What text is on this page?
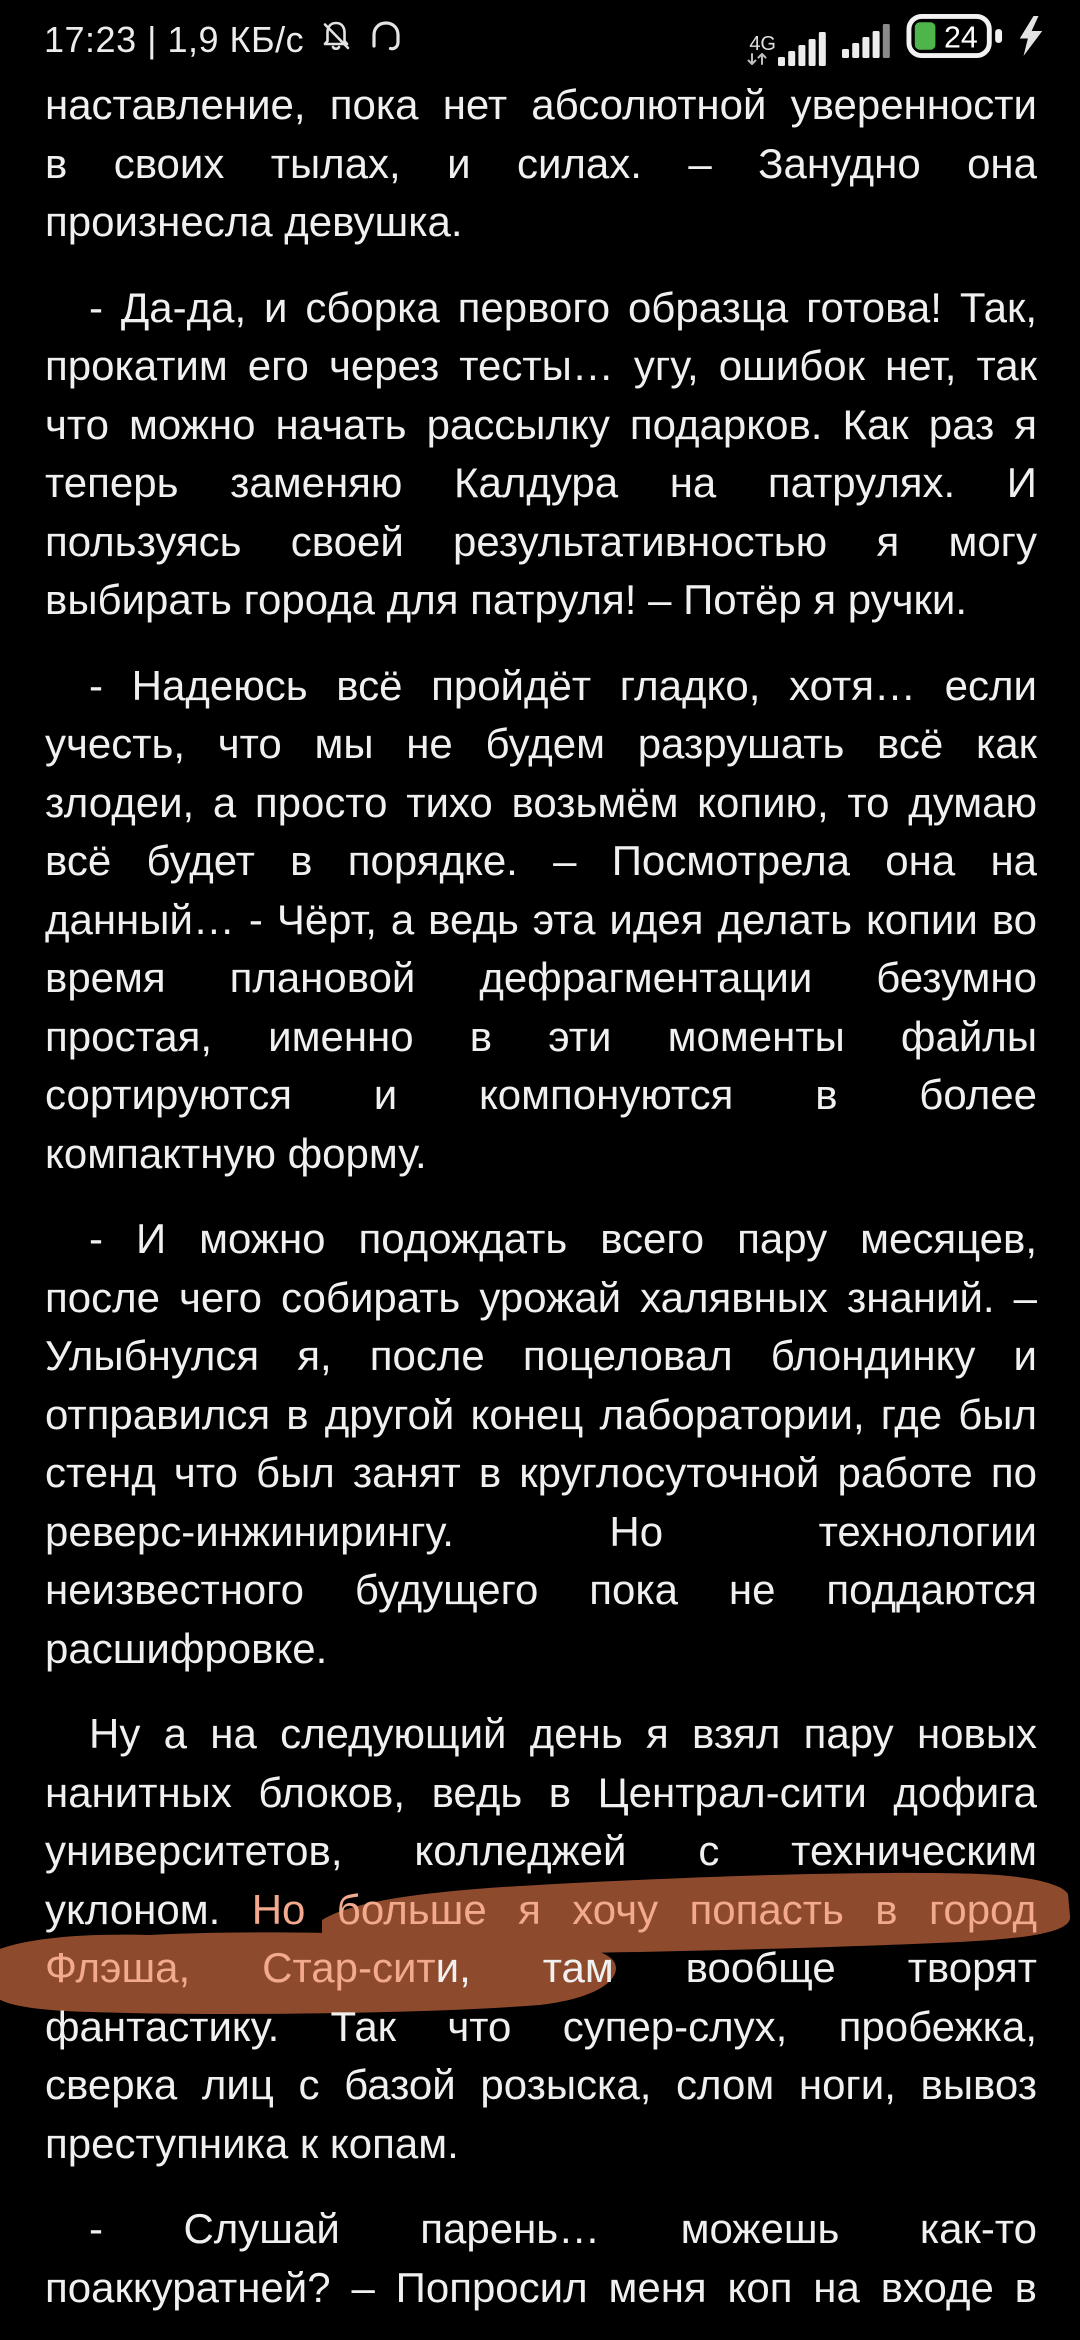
17:23 | 1,9 КБ/с	4G	24
наставление, пока нет абсолютной уверенности
в своих тылах, и силах. – Занудно она
произнесла девушка.
- Да-да, и сборка первого образца готова! Так,
прокатим его через тесты… угу, ошибок нет, так
что можно начать рассылку подарков. Как раз я
теперь заменяю Калдура на патрулях. И
пользуясь своей результативностью я могу
выбирать города для патруля! – Потёр я ручки.
- Надеюсь всё пройдёт гладко, хотя… если
учесть, что мы не будем разрушать всё как
злодеи, а просто тихо возьмём копию, то думаю
всё будет в порядке. – Посмотрела она на
данный… - Чёрт, а ведь эта идея делать копии во
время плановой дефрагментации безумно
простая, именно в эти моменты файлы
сортируются и компонуются в более
компактную форму.
- И можно подождать всего пару месяцев,
после чего собирать урожай халявных знаний. –
Улыбнулся я, после поцеловал блондинку и
отправился в другой конец лаборатории, где был
стенд что был занят в круглосуточной работе по
реверс-инжинирингу. Но технологии
неизвестного будущего пока не поддаются
расшифровке.
Ну а на следующий день я взял пару новых
нанитных блоков, ведь в Централ-сити дофига
университетов, колледжей с техническим
уклоном. Но больше я хочу попасть в город
Флэша, Стар-сити, там вообще творят
фантастику. Так что супер-слух, пробежка,
сверка лиц с базой розыска, слом ноги, вывоз
преступника к копам.
- Слушай парень… можешь как-то
поаккуратней? – Попросил меня коп на входе в
